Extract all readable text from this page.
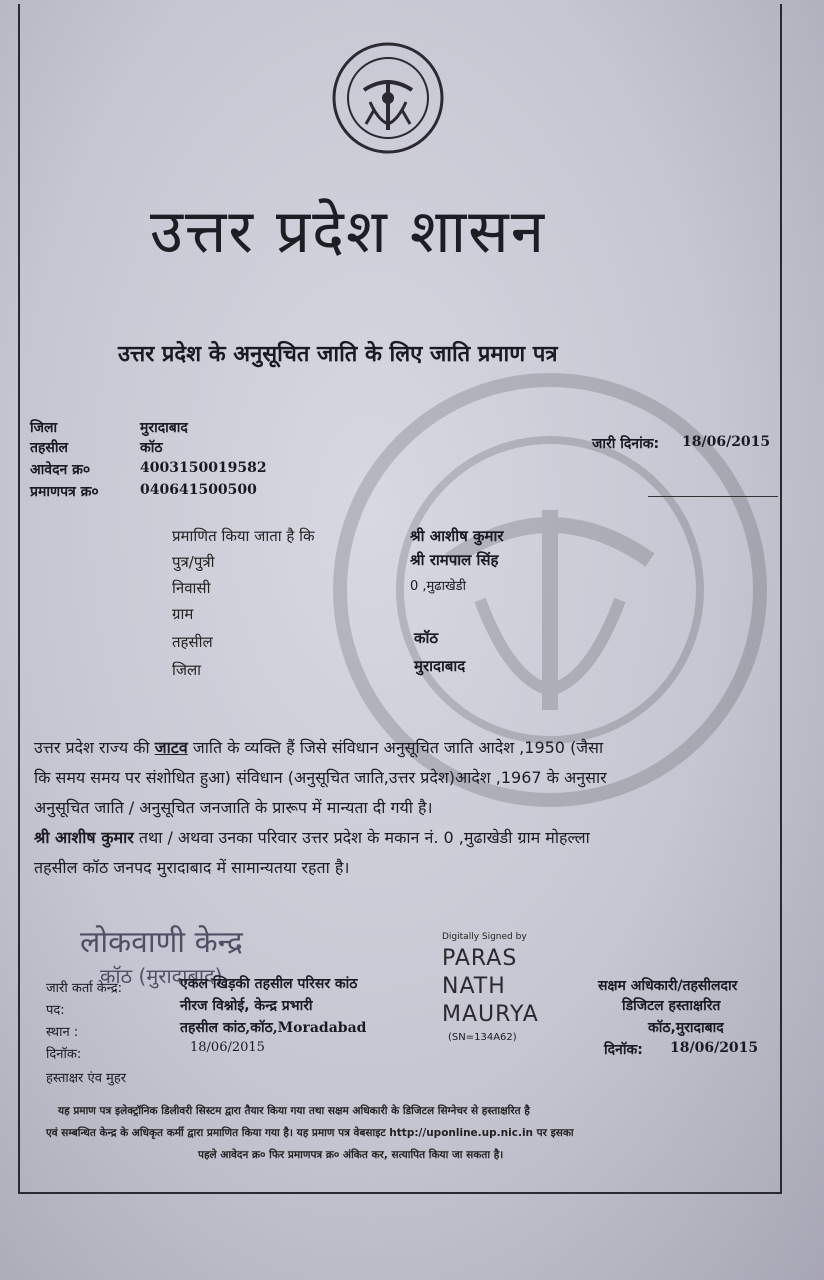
उत्तर प्रदेश शासन
उत्तर प्रदेश के अनुसूचित जाति के लिए जाति प्रमाण पत्र
जिला	मुरादाबाद
तहसील	कॉठ
आवेदन क्र०	4003150019582
प्रमाणपत्र क्र०	040641500500
जारी दिनांक: 18/06/2015
प्रमाणित किया जाता है कि	श्री आशीष कुमार
पुत्र/पुत्री	श्री रामपाल सिंह
निवासी	0 ,मुढाखेडी
ग्राम
तहसील	कॉठ
जिला	मुरादाबाद
उत्तर प्रदेश राज्य की जाटव जाति के व्यक्ति हैं जिसे संविधान अनुसूचित जाति आदेश ,1950 (जैसा
कि समय समय पर संशोधित हुआ) संविधान (अनुसूचित जाति,उत्तर प्रदेश)आदेश ,1967 के अनुसार
अनुसूचित जाति / अनुसूचित जनजाति के प्रारूप में मान्यता दी गयी है।
श्री आशीष कुमार तथा / अथवा उनका परिवार उत्तर प्रदेश के मकान नं. 0 ,मुढाखेडी ग्राम मोहल्ला
तहसील कॉठ जनपद मुरादाबाद में सामान्यतया रहता है।
लोकवाणी केन्द्र
कॉठ (मुरादाबाद)
Digitally Signed by
PARAS
NATH
MAURYA
(SN=134A62)
जारी कर्ता केन्द्र:	एकल खिड़की तहसील परिसर कांठ
पद:	नीरज विश्नोई, केन्द्र प्रभारी
स्थान :	तहसील कांठ,कॉठ,Moradabad
दिनॉक:	18/06/2015
हस्ताक्षर एंव मुहर
सक्षम अधिकारी/तहसीलदार
डिजिटल हस्ताक्षरित
कॉठ,मुरादाबाद
दिनॉक: 18/06/2015
यह प्रमाण पत्र इलेक्ट्रॉनिक डिलीवरी सिस्टम द्वारा तैयार किया गया तथा सक्षम अधिकारी के डिजिटल सिग्नेचर से हस्ताक्षरित है
एवं सम्बन्धित केन्द्र के अधिकृत कर्मी द्वारा प्रमाणित किया गया है। यह प्रमाण पत्र वेबसाइट http://uponline.up.nic.in पर इसका
पहले आवेदन क्र० फिर प्रमाणपत्र क्र० अंकित कर, सत्यापित किया जा सकता है।
